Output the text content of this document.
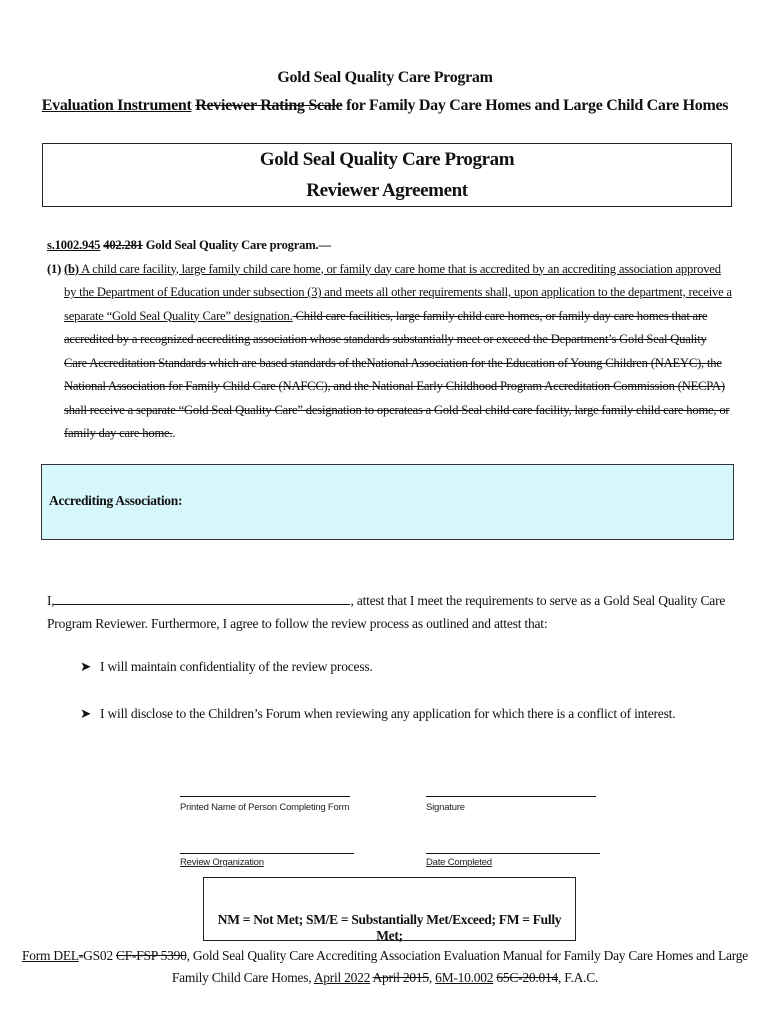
Gold Seal Quality Care Program
Evaluation Instrument Reviewer Rating Scale for Family Day Care Homes and Large Child Care Homes
Gold Seal Quality Care Program
Reviewer Agreement

s.1002.945 402.281 Gold Seal Quality Care program.—

(1) (b) A child care facility, large family child care home, or family day care home that is accredited by an accrediting association approved by the Department of Education under subsection (3) and meets all other requirements shall, upon application to the department, receive a separate “Gold Seal Quality Care” designation. Child care facilities, large family child care homes, or family day care homes that are accredited by a recognized accrediting association whose standards substantially meet or exceed the Department’s Gold Seal Quality Care Accreditation Standards which are based standards of theNational Association for the Education of Young Children (NAEYC), the National Association for Family Child Care (NAFCC), and the National Early Childhood Program Accreditation Commission (NECPA) shall receive a separate “Gold Seal Quality Care” designation to operateas a Gold Seal child care facility, large family child care home, or family day care home..

Accrediting Association:
I,	, attest that I meet the requirements to serve as a Gold Seal Quality Care
Program Reviewer. Furthermore, I agree to follow the review process as outlined and attest that:
➤ I will maintain confidentiality of the review process.
➤ I will disclose to the Children’s Forum when reviewing any application for which there is a conflict of interest.
Printed Name of Person Completing Form	Signature
Review Organization	Date Completed
NM = Not Met; SM/E = Substantially Met/Exceed; FM = Fully Met;
Form DEL-GS02 CF-FSP 5390, Gold Seal Quality Care Accrediting Association Evaluation Manual for Family Day Care Homes and Large
Family Child Care Homes, April 2022 April 2015, 6M-10.002 65C-20.014, F.A.C.
